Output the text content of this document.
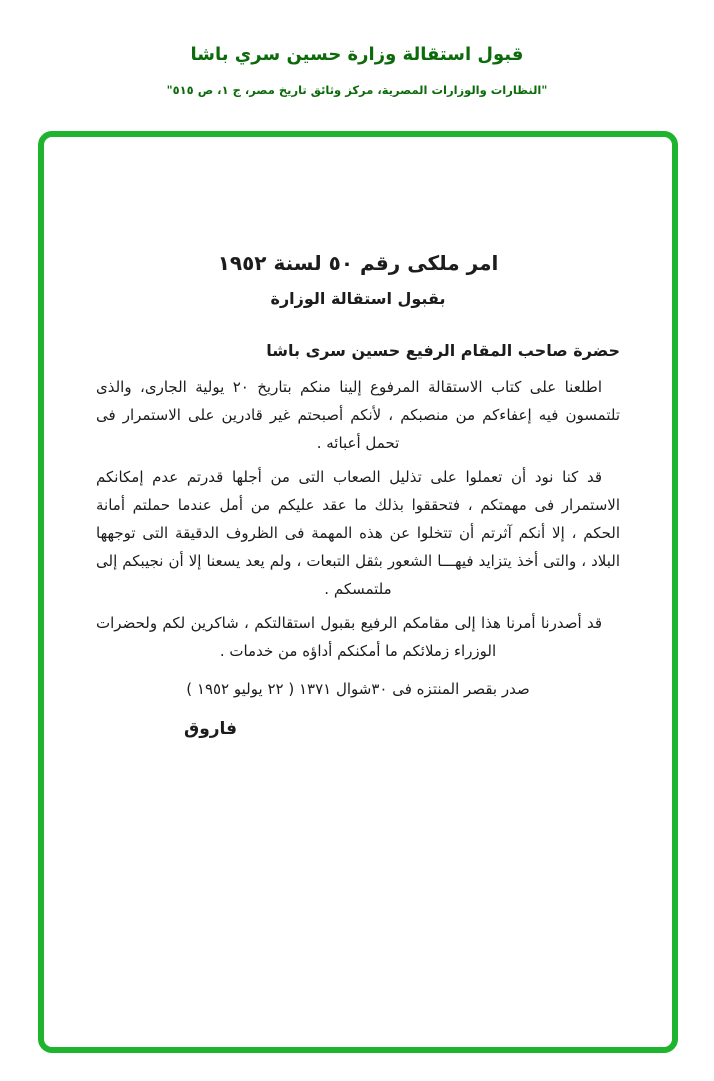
قبول استقالة وزارة حسين سري باشا
"النظارات والوزارات المصرية، مركز وثائق تاريخ مصر، ج ١، ص ٥١٥"
امر ملكى رقم ٥٠ لسنة ١٩٥٢
بقبول استقالة الوزارة
حضرة صاحب المقام الرفيع حسين سرى باشا

اطلعنا على كتاب الاستقالة المرفوع إلينا منكم بتاريخ ٢٠ يولية الجارى، والذى تلتمسون فيه إعفاءكم من منصبكم ، لأنكم أصبحتم غير قادرين على الاستمرار فى تحمل أعبائه .

قد كنا نود أن تعملوا على تذليل الصعاب التى من أجلها قدرتم عدم إمكانكم الاستمرار فى مهمتكم ، فتحققوا بذلك ما عقد عليكم من أمل عندما حملتم أمانة الحكم ، إلا أنكم آثرتم أن تتخلوا عن هذه المهمة فى الظروف الدقيقة التى توجهها البلاد ، والتى أخذ يتزايد فيهـــا الشعور بثقل التبعات ، ولم يعد يسعنا إلا أن نجيبكم إلى ملتمسكم .

قد أصدرنا أمرنا هذا إلى مقامكم الرفيع بقبول استقالتكم ، شاكرين لكم ولحضرات الوزراء زملائكم ما أمكنكم أداؤه من خدمات .

صدر بقصر المنتزه فى ٣٠شوال ١٣٧١ ( ٢٢ يوليو ١٩٥٢ )
فاروق
